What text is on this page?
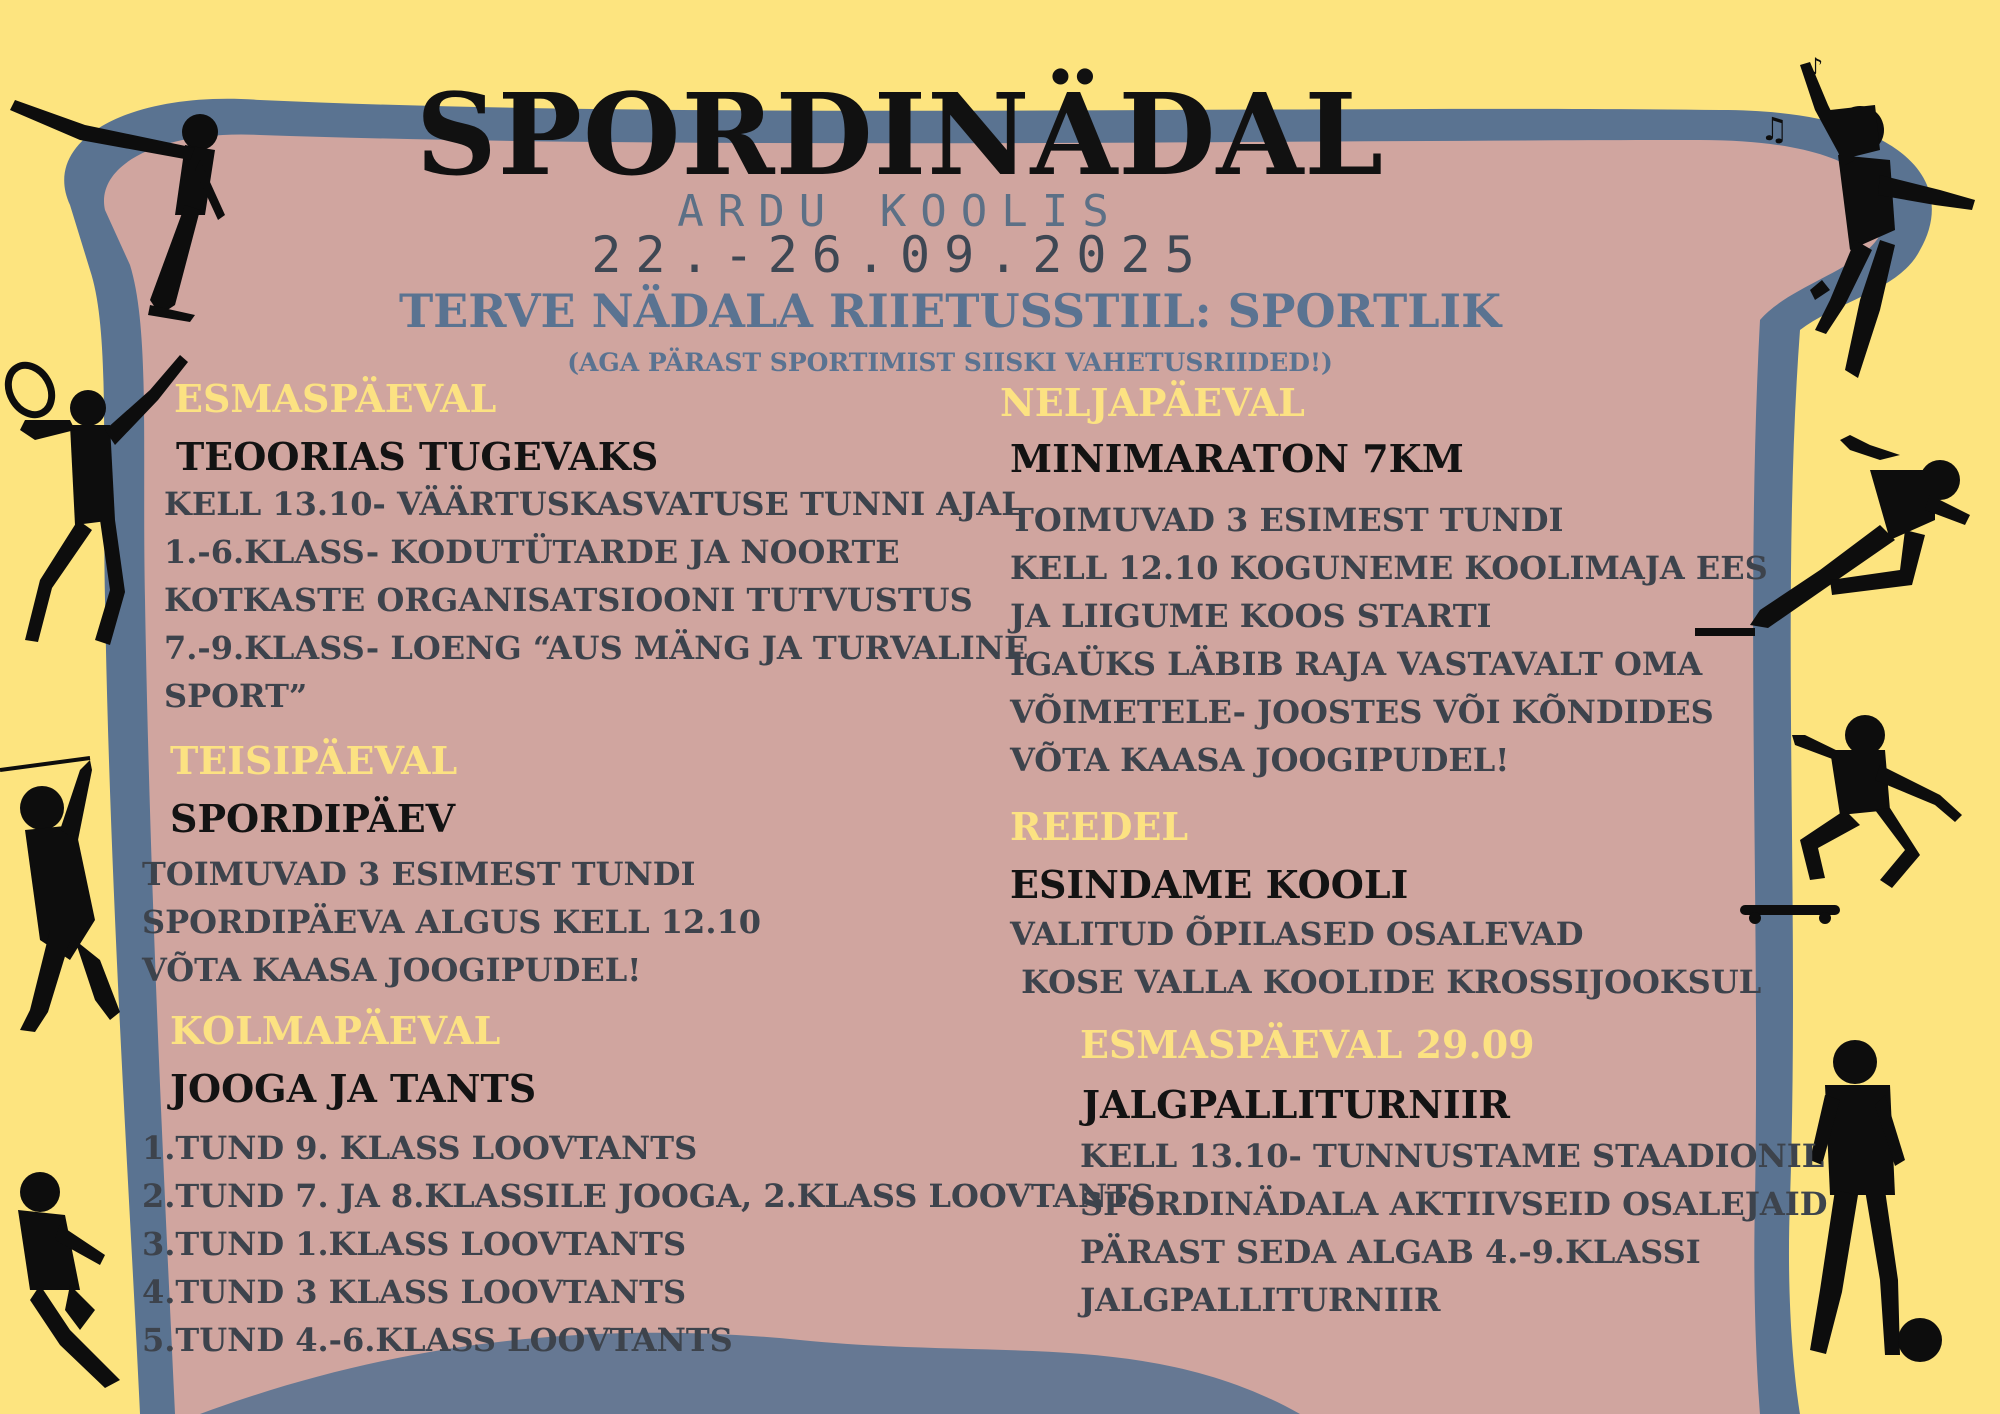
♫
♪
SPORDINÄDAL
ARDU KOOLIS
22.-26.09.2025
TERVE NÄDALA RIIETUSSTIIL: SPORTLIK
(AGA PÄRAST SPORTIMIST SIISKI VAHETUSRIIDED!)
ESMASPÄEVAL
TEOORIAS TUGEVAKS
KELL 13.10- VÄÄRTUSKASVATUSE TUNNI AJAL
1.-6.KLASS- KODUTÜTARDE JA NOORTE
KOTKASTE ORGANISATSIOONI TUTVUSTUS
7.-9.KLASS- LOENG “AUS MÄNG JA TURVALINE
SPORT”
TEISIPÄEVAL
SPORDIPÄEV
TOIMUVAD 3 ESIMEST TUNDI
SPORDIPÄEVA ALGUS KELL 12.10
VÕTA KAASA JOOGIPUDEL!
KOLMAPÄEVAL
JOOGA JA TANTS
1.TUND 9. KLASS LOOVTANTS
2.TUND 7. JA 8.KLASSILE JOOGA, 2.KLASS LOOVTANTS
3.TUND 1.KLASS LOOVTANTS
4.TUND 3 KLASS LOOVTANTS
5.TUND 4.-6.KLASS LOOVTANTS
NELJAPÄEVAL
MINIMARATON 7KM
TOIMUVAD 3 ESIMEST TUNDI
KELL 12.10 KOGUNEME KOOLIMAJA EES
JA LIIGUME KOOS STARTI
IGAÜKS LÄBIB RAJA VASTAVALT OMA
VÕIMETELE- JOOSTES VÕI KÕNDIDES
VÕTA KAASA JOOGIPUDEL!
REEDEL
ESINDAME KOOLI
VALITUD ÕPILASED OSALEVAD
KOSE VALLA KOOLIDE KROSSIJOOKSUL
ESMASPÄEVAL 29.09
JALGPALLITURNIIR
KELL 13.10- TUNNUSTAME STAADIONIL
SPORDINÄDALA AKTIIVSEID OSALEJAID
PÄRAST SEDA ALGAB 4.-9.KLASSI
JALGPALLITURNIIR
